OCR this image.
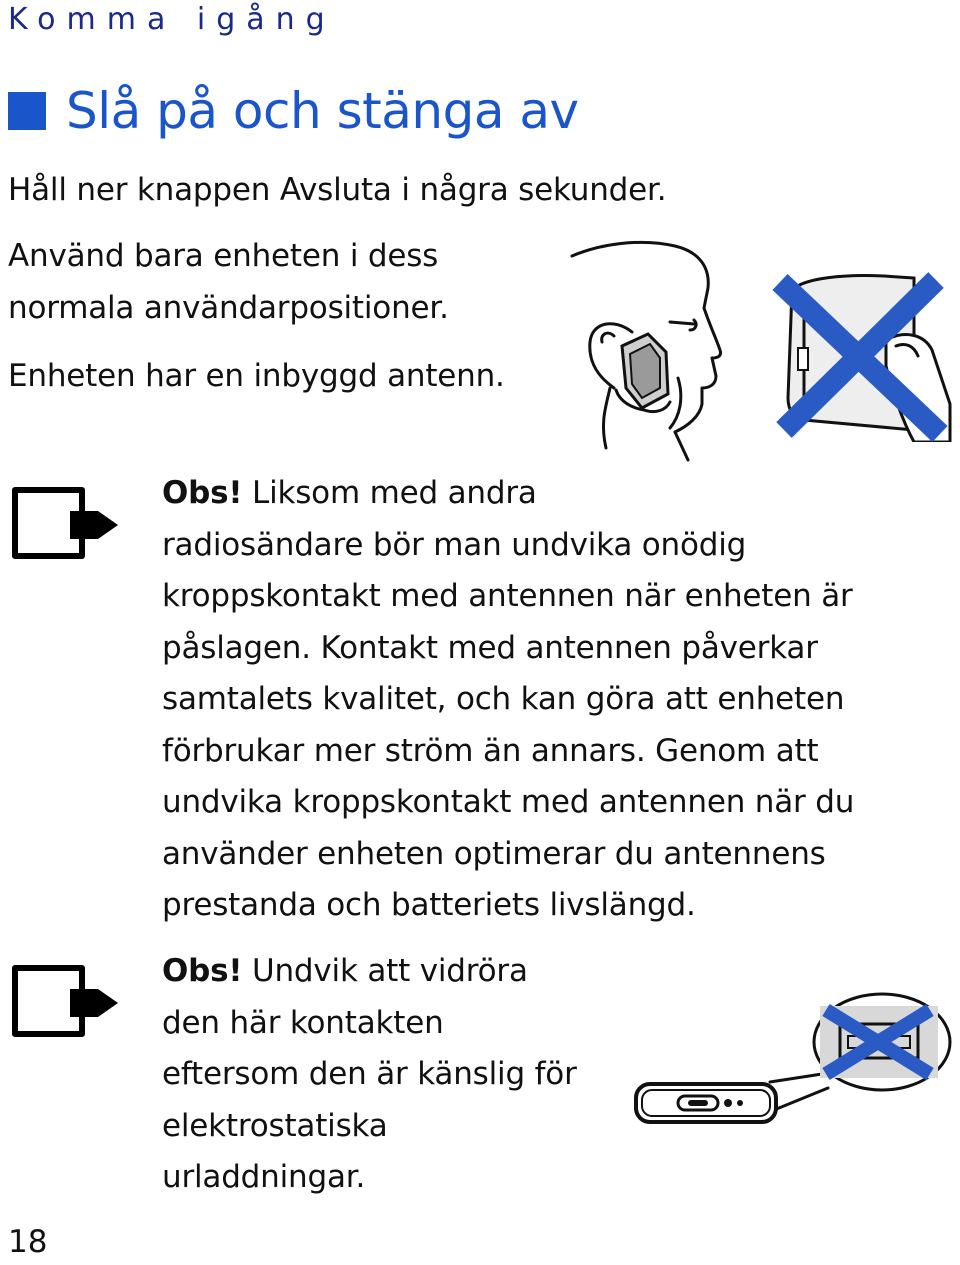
Komma igång
Slå på och stänga av
Håll ner knappen Avsluta i några sekunder.
Använd bara enheten i dess
normala användarpositioner.
Enheten har en inbyggd antenn.
Obs! Liksom med andra
radiosändare bör man undvika onödig
kroppskontakt med antennen när enheten är
påslagen. Kontakt med antennen påverkar
samtalets kvalitet, och kan göra att enheten
förbrukar mer ström än annars. Genom att
undvika kroppskontakt med antennen när du
använder enheten optimerar du antennens
prestanda och batteriets livslängd.
Obs! Undvik att vidröra
den här kontakten
eftersom den är känslig för
elektrostatiska
urladdningar.
18
